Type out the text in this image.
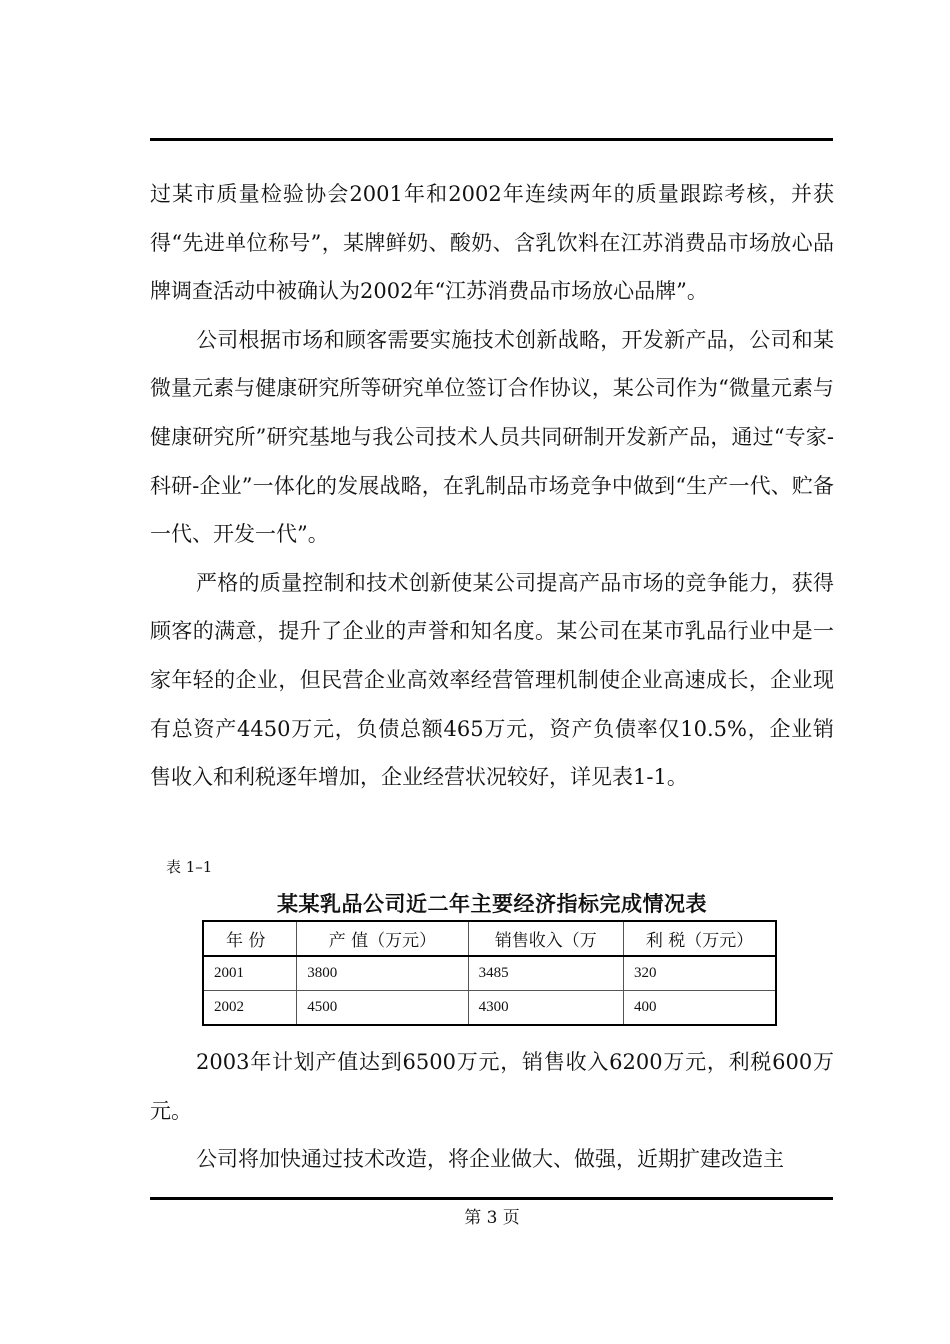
过某市质量检验协会2001年和2002年连续两年的质量跟踪考核，并获得“先进单位称号”，某牌鲜奶、酸奶、含乳饮料在江苏消费品市场放心品牌调查活动中被确认为2002年“江苏消费品市场放心品牌”。

公司根据市场和顾客需要实施技术创新战略，开发新产品，公司和某微量元素与健康研究所等研究单位签订合作协议，某公司作为“微量元素与健康研究所”研究基地与我公司技术人员共同研制开发新产品，通过“专家-科研-企业”一体化的发展战略，在乳制品市场竞争中做到“生产一代、贮备一代、开发一代”。

严格的质量控制和技术创新使某公司提高产品市场的竞争能力，获得顾客的满意，提升了企业的声誉和知名度。某公司在某市乳品行业中是一家年轻的企业，但民营企业高效率经营管理机制使企业高速成长，企业现有总资产4450万元，负债总额465万元，资产负债率仅10.5%，企业销售收入和利税逐年增加，企业经营状况较好，详见表1-1。

表 1–1
某某乳品公司近二年主要经济指标完成情况表
年 份	产 值（万元）	销售收入（万	利 税（万元）
2001	3800	3485	320
2002	4500	4300	400

2003年计划产值达到6500万元，销售收入6200万元，利税600万元。

公司将加快通过技术改造，将企业做大、做强，近期扩建改造主

第 3 页
